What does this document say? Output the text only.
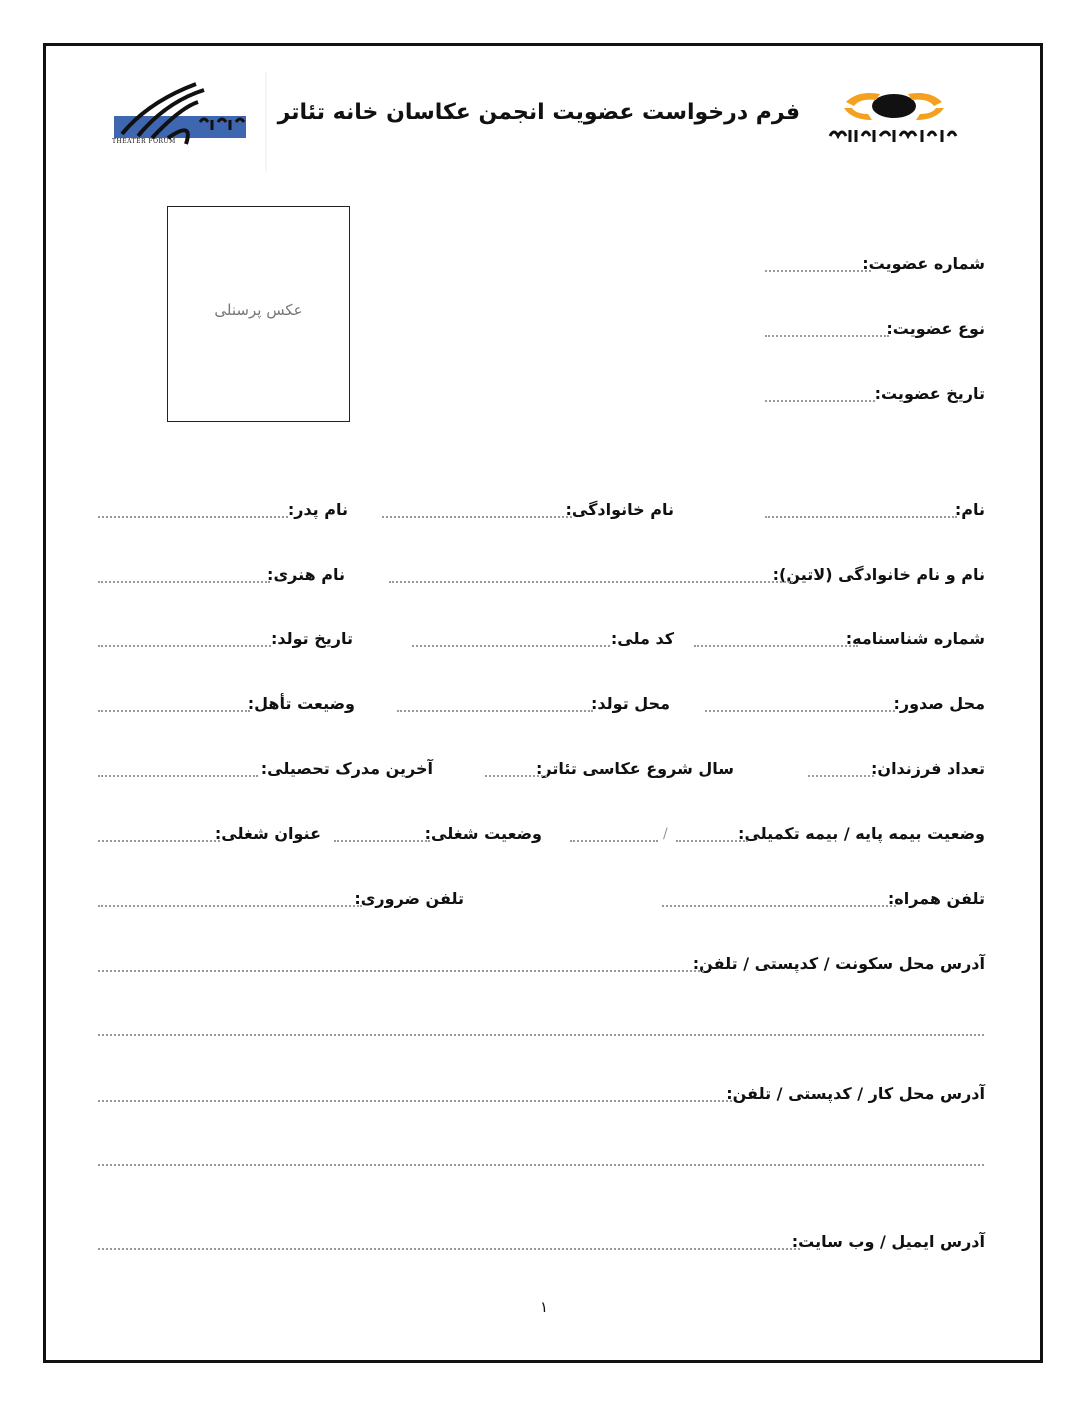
فرم درخواست عضویت انجمن عکاسان خانه تئاتر
THEATER FORUM
عکس پرسنلی
شماره عضویت:
نوع عضویت:
تاریخ عضویت:
نام:
نام خانوادگی:
نام پدر:
نام و نام خانوادگی (لاتین):
نام هنری:
شماره شناسنامه:
کد ملی:
تاریخ تولد:
محل صدور:
محل تولد:
وضیعت تأهل:
تعداد فرزندان:
سال شروع عکاسی تئاتر:
آخرین مدرک تحصیلی:
وضعیت بیمه پایه / بیمه تکمیلی:
/
وضعیت شغلی:
عنوان شغلی:
تلفن همراه:
تلفن ضروری:
آدرس محل سکونت / کدپستی / تلفن:
آدرس محل کار / کدپستی / تلفن:
آدرس ایمیل / وب سایت:
۱
